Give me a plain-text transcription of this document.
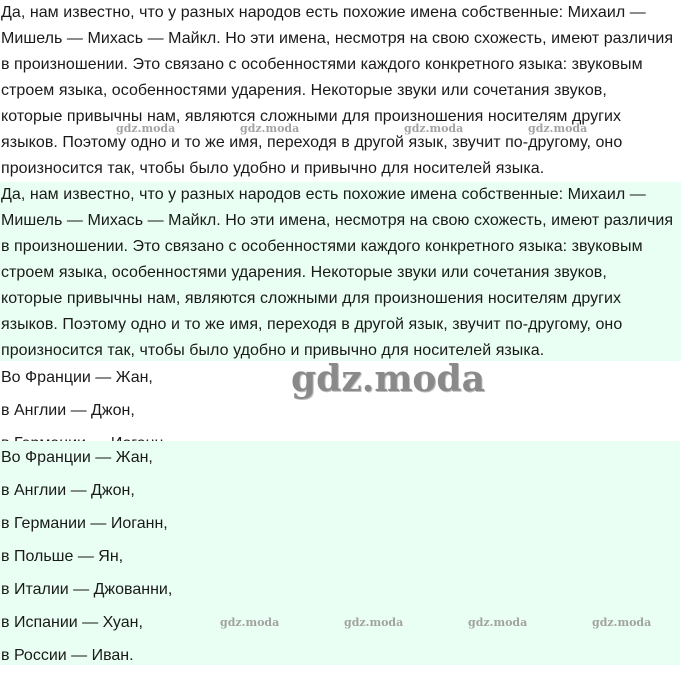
Да, нам известно, что у разных народов есть похожие имена собственные: Михаил —
Мишель — Михась — Майкл. Но эти имена, несмотря на свою схожесть, имеют различия
в произношении. Это связано с особенностями каждого конкретного языка: звуковым
строем языка, особенностями ударения. Некоторые звуки или сочетания звуков,
которые привычны нам, являются сложными для произношения носителям других
языков. Поэтому одно и то же имя, переходя в другой язык, звучит по-другому, оно
произносится так, чтобы было удобно и привычно для носителей языка.
gdz.moda	gdz.moda	gdz.moda	gdz.moda
Да, нам известно, что у разных народов есть похожие имена собственные: Михаил —
Мишель — Михась — Майкл. Но эти имена, несмотря на свою схожесть, имеют различия
в произношении. Это связано с особенностями каждого конкретного языка: звуковым
строем языка, особенностями ударения. Некоторые звуки или сочетания звуков,
которые привычны нам, являются сложными для произношения носителям других
языков. Поэтому одно и то же имя, переходя в другой язык, звучит по-другому, оно
произносится так, чтобы было удобно и привычно для носителей языка.
Во Франции — Жан,
в Англии — Джон,
gdz.moda
Во Франции — Жан,
в Англии — Джон,
в Германии — Иоганн,
в Польше — Ян,
в Италии — Джованни,
в Испании — Хуан,
в России — Иван.
gdz.moda	gdz.moda	gdz.moda	gdz.moda
